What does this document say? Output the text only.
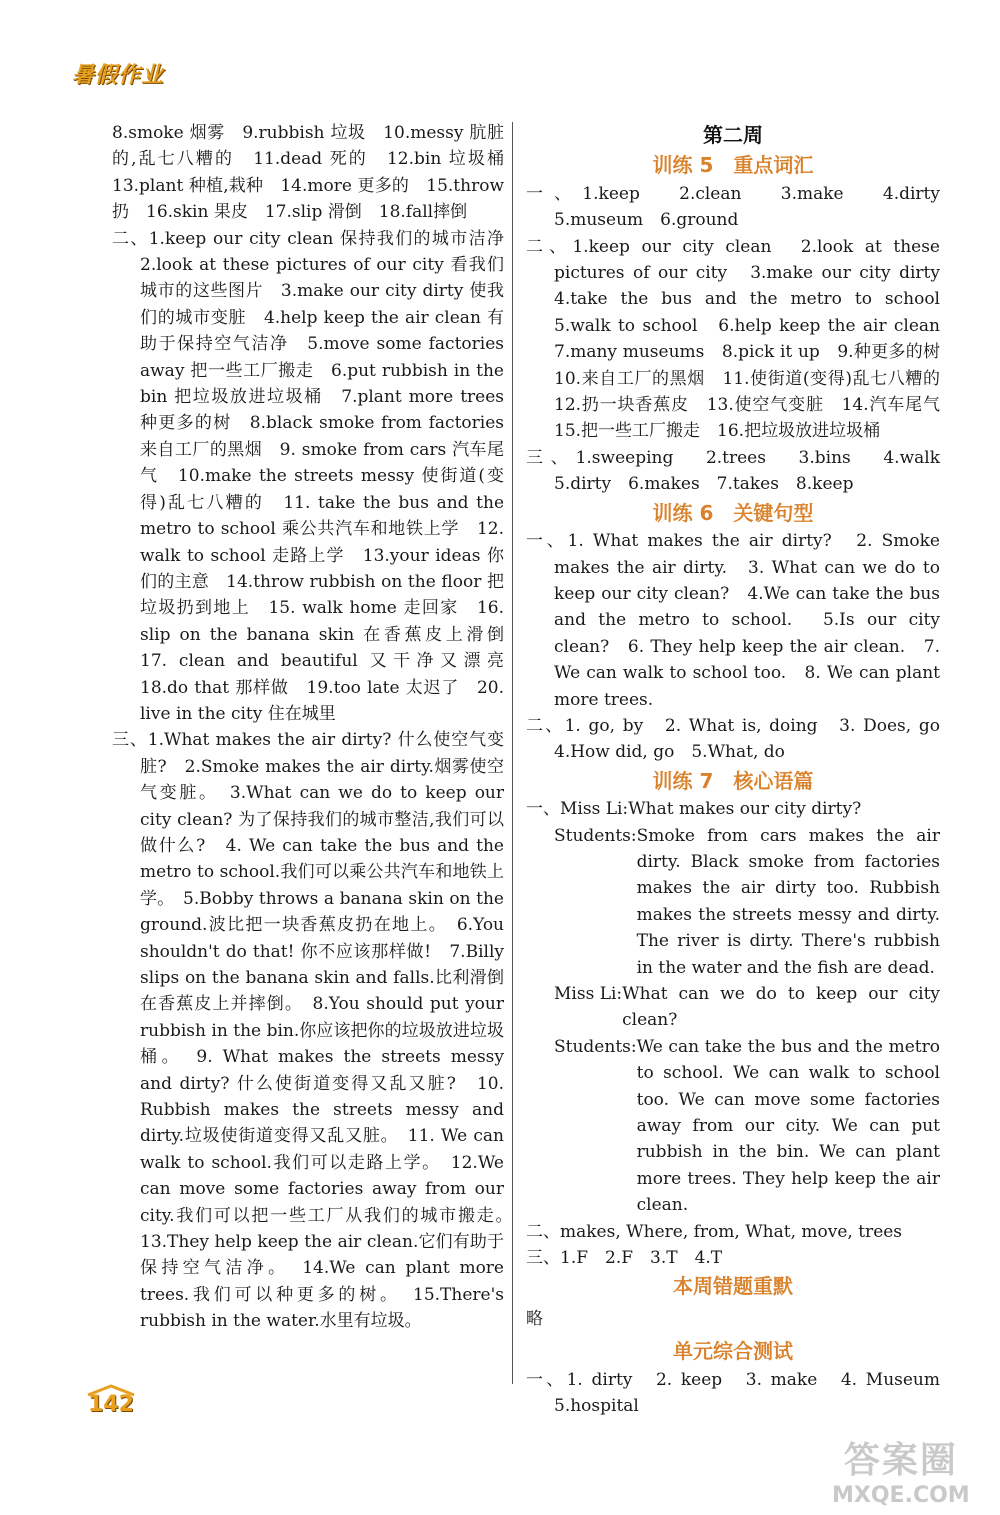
暑假作业
8.smoke 烟雾　9.rubbish 垃圾　10.messy 肮脏的,乱七八糟的　11.dead 死的　12.bin 垃圾桶　13.plant 种植,栽种　14.more 更多的　15.throw 扔　16.skin 果皮　17.slip 滑倒　18.fall摔倒
二、1.keep our city clean 保持我们的城市洁净　2.look at these pictures of our city 看我们城市的这些图片　3.make our city dirty 使我们的城市变脏　4.help keep the air clean 有助于保持空气洁净　5.move some factories away 把一些工厂搬走　6.put rubbish in the bin 把垃圾放进垃圾桶　7.plant more trees 种更多的树　8.black smoke from factories 来自工厂的黑烟　9. smoke from cars 汽车尾气　10.make the streets messy 使街道(变得)乱七八糟的　11. take the bus and the metro to school 乘公共汽车和地铁上学　12. walk to school 走路上学　13.your ideas 你们的主意　14.throw rubbish on the floor 把垃圾扔到地上　15. walk home 走回家　16. slip on the banana skin 在香蕉皮上滑倒　17. clean and beautiful 又干净又漂亮　18.do that 那样做　19.too late 太迟了　20. live in the city 住在城里
三、1.What makes the air dirty? 什么使空气变脏?　2.Smoke makes the air dirty.烟雾使空气变脏。　3.What can we do to keep our city clean? 为了保持我们的城市整洁,我们可以做什么?　4. We can take the bus and the metro to school.我们可以乘公共汽车和地铁上学。　5.Bobby throws a banana skin on the ground.波比把一块香蕉皮扔在地上。　6.You shouldn't do that! 你不应该那样做!　7.Billy slips on the banana skin and falls.比利滑倒在香蕉皮上并摔倒。　8.You should put your rubbish in the bin.你应该把你的垃圾放进垃圾桶。　9. What makes the streets messy and dirty? 什么使街道变得又乱又脏?　10. Rubbish makes the streets messy and dirty.垃圾使街道变得又乱又脏。　11. We can walk to school.我们可以走路上学。　12.We can move some factories away from our city.我们可以把一些工厂从我们的城市搬走。　13.They help keep the air clean.它们有助于保持空气洁净。　14.We can plant more trees.我们可以种更多的树。　15.There's rubbish in the water.水里有垃圾。
第二周
训练 5　重点词汇
一、1.keep　2.clean　3.make　4.dirty　5.museum　6.ground
二、1.keep our city clean　2.look at these pictures of our city　3.make our city dirty　4.take the bus and the metro to school　5.walk to school　6.help keep the air clean　7.many museums　8.pick it up　9.种更多的树　10.来自工厂的黑烟　11.使街道(变得)乱七八糟的　12.扔一块香蕉皮　13.使空气变脏　14.汽车尾气　15.把一些工厂搬走　16.把垃圾放进垃圾桶
三、1.sweeping　2.trees　3.bins　4.walk　5.dirty　6.makes　7.takes　8.keep
训练 6　关键句型
一、1. What makes the air dirty?　2. Smoke makes the air dirty.　3. What can we do to keep our city clean?　4.We can take the bus and the metro to school.　5.Is our city clean?　6. They help keep the air clean.　7. We can walk to school too.　8. We can plant more trees.
二、1. go, by　2. What is, doing　3. Does, go　4.How did, go　5.What, do
训练 7　核心语篇
一、Miss Li: What makes our city dirty?
Students: Smoke from cars makes the air dirty. Black smoke from factories makes the air dirty too. Rubbish makes the streets messy and dirty. The river is dirty. There's rubbish in the water and the fish are dead.
Miss Li: What can we do to keep our city clean?
Students: We can take the bus and the metro to school. We can walk to school too. We can move some factories away from our city. We can put rubbish in the bin. We can plant more trees. They help keep the air clean.
二、makes, Where, from, What, move, trees
三、1.F　2.F　3.T　4.T
本周错题重默
略
单元综合测试
一、1. dirty　2. keep　3. make　4. Museum　5.hospital
142
答案圈
MXQE.COM
